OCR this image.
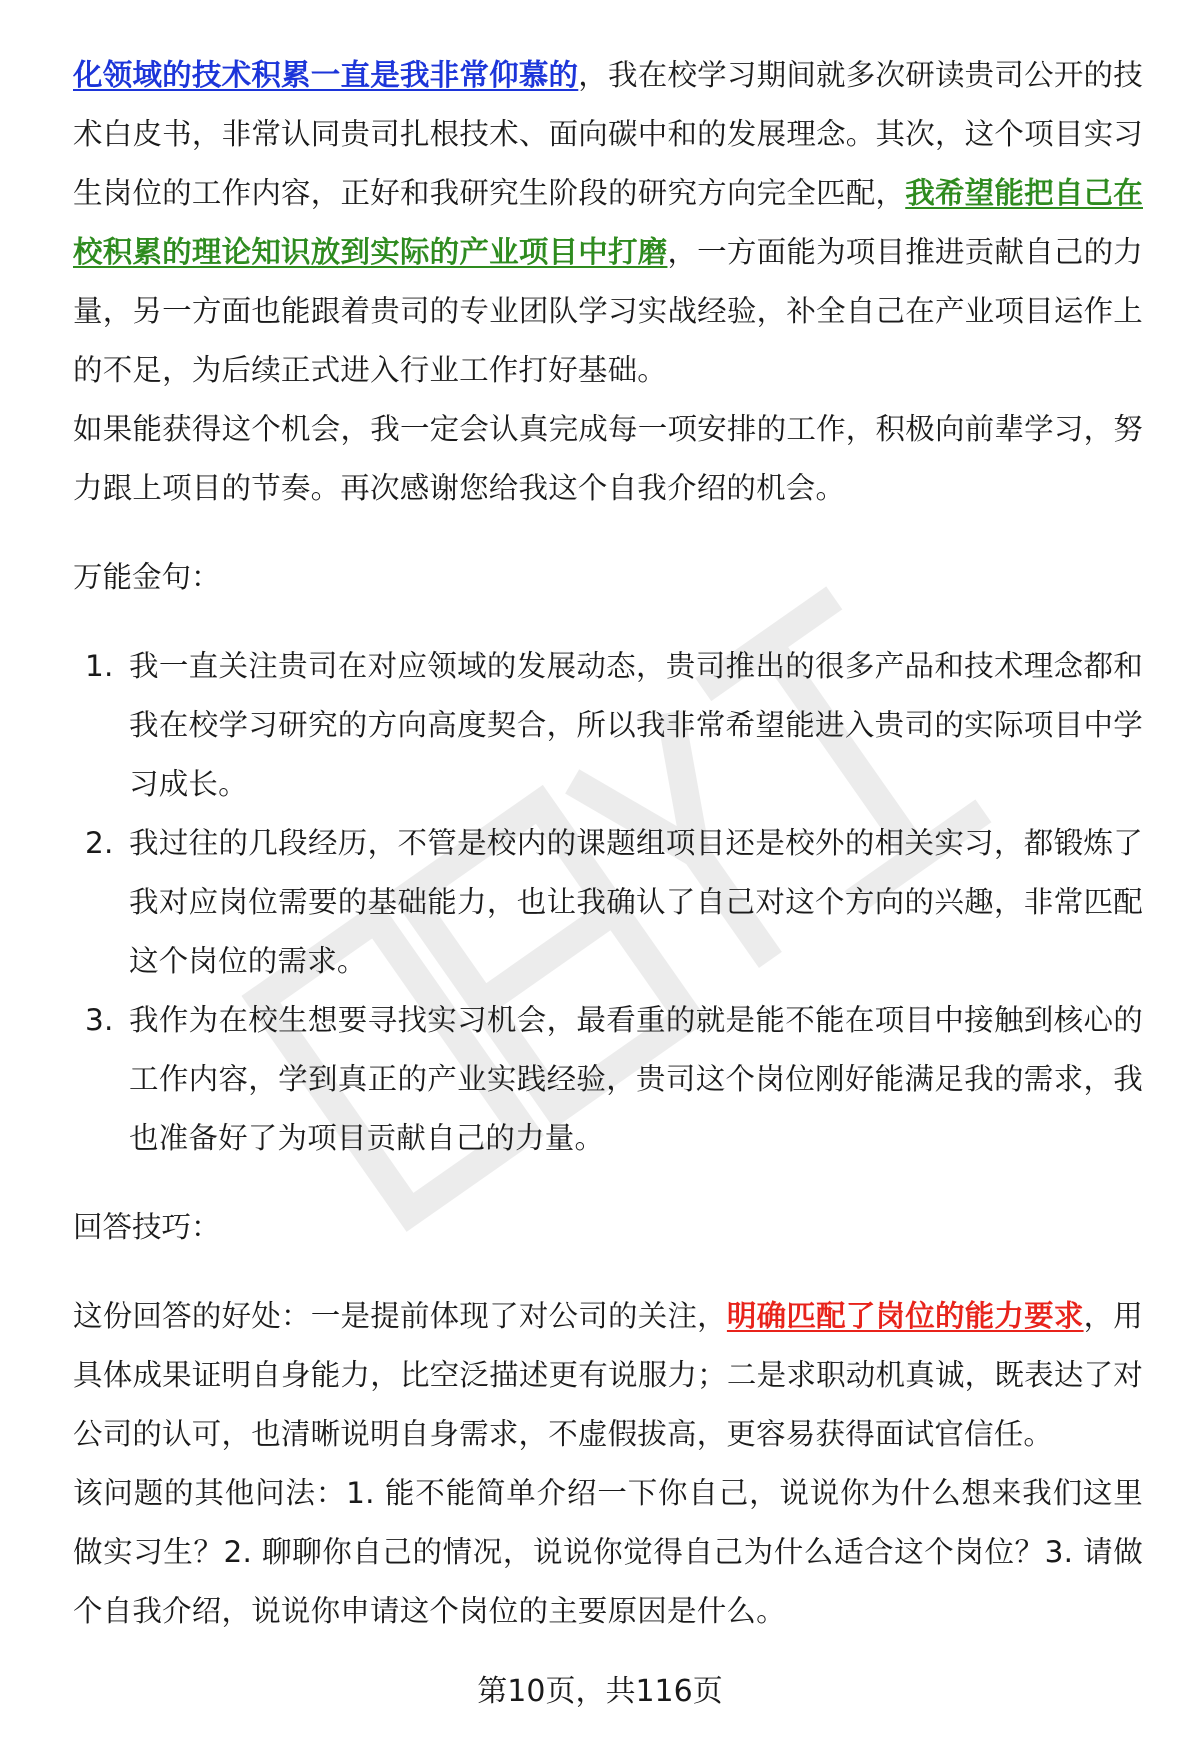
化领域的技术积累一直是我非常仰慕的，我在校学习期间就多次研读贵司公开的技术白皮书，非常认同贵司扎根技术、面向碳中和的发展理念。其次，这个项目实习生岗位的工作内容，正好和我研究生阶段的研究方向完全匹配，我希望能把自己在校积累的理论知识放到实际的产业项目中打磨，一方面能为项目推进贡献自己的力量，另一方面也能跟着贵司的专业团队学习实战经验，补全自己在产业项目运作上的不足，为后续正式进入行业工作打好基础。

如果能获得这个机会，我一定会认真完成每一项安排的工作，积极向前辈学习，努力跟上项目的节奏。再次感谢您给我这个自我介绍的机会。

万能金句：

1. 我一直关注贵司在对应领域的发展动态，贵司推出的很多产品和技术理念都和我在校学习研究的方向高度契合，所以我非常希望能进入贵司的实际项目中学习成长。
2. 我过往的几段经历，不管是校内的课题组项目还是校外的相关实习，都锻炼了我对应岗位需要的基础能力，也让我确认了自己对这个方向的兴趣，非常匹配这个岗位的需求。
3. 我作为在校生想要寻找实习机会，最看重的就是能不能在项目中接触到核心的工作内容，学到真正的产业实践经验，贵司这个岗位刚好能满足我的需求，我也准备好了为项目贡献自己的力量。

回答技巧：

这份回答的好处：一是提前体现了对公司的关注，明确匹配了岗位的能力要求，用具体成果证明自身能力，比空泛描述更有说服力；二是求职动机真诚，既表达了对公司的认可，也清晰说明自身需求，不虚假拔高，更容易获得面试官信任。

该问题的其他问法：1. 能不能简单介绍一下你自己，说说你为什么想来我们这里做实习生？2. 聊聊你自己的情况，说说你觉得自己为什么适合这个岗位？3. 请做个自我介绍，说说你申请这个岗位的主要原因是什么。

第10页，共116页
